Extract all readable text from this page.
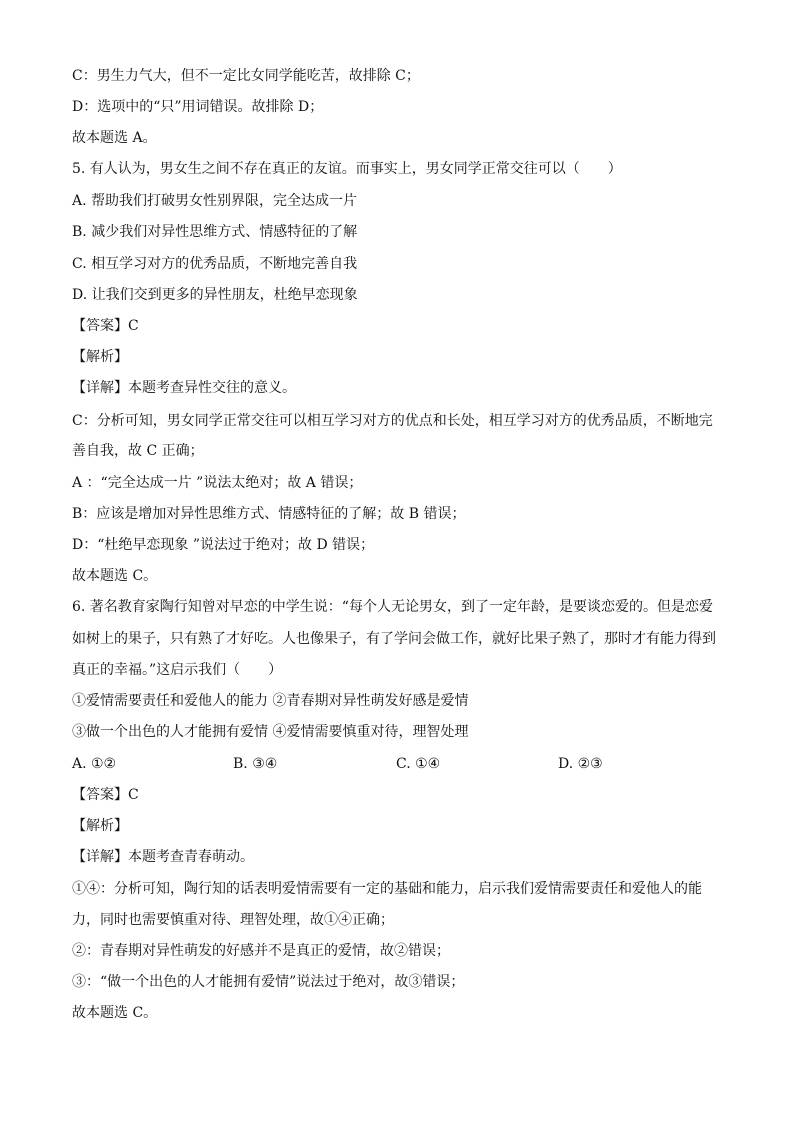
C：男生力气大，但不一定比女同学能吃苦，故排除 C；
D：选项中的“只”用词错误。故排除 D；
故本题选 A。
5. 有人认为，男女生之间不存在真正的友谊。而事实上，男女同学正常交往可以（　　）
A. 帮助我们打破男女性别界限，完全达成一片
B. 减少我们对异性思维方式、情感特征的了解
C. 相互学习对方的优秀品质，不断地完善自我
D. 让我们交到更多的异性朋友，杜绝早恋现象
【答案】C
【解析】
【详解】本题考查异性交往的意义。
C：分析可知，男女同学正常交往可以相互学习对方的优点和长处，相互学习对方的优秀品质，不断地完
善自我，故 C 正确；
A ：“完全达成一片 ”说法太绝对；故 A 错误；
B：应该是增加对异性思维方式、情感特征的了解；故 B 错误；
D：“杜绝早恋现象 ”说法过于绝对；故 D 错误；
故本题选 C。
6. 著名教育家陶行知曾对早恋的中学生说：“每个人无论男女，到了一定年龄，是要谈恋爱的。但是恋爱
如树上的果子，只有熟了才好吃。人也像果子，有了学问会做工作，就好比果子熟了，那时才有能力得到
真正的幸福。”这启示我们（　　）
①爱情需要责任和爱他人的能力 ②青春期对异性萌发好感是爱情
③做一个出色的人才能拥有爱情 ④爱情需要慎重对待，理智处理
A. ①②	B. ③④	C. ①④	D. ②③
【答案】C
【解析】
【详解】本题考查青春萌动。
①④：分析可知，陶行知的话表明爱情需要有一定的基础和能力，启示我们爱情需要责任和爱他人的能
力，同时也需要慎重对待、理智处理，故①④正确；
②：青春期对异性萌发的好感并不是真正的爱情，故②错误；
③：“做一个出色的人才能拥有爱情”说法过于绝对，故③错误；
故本题选 C。
